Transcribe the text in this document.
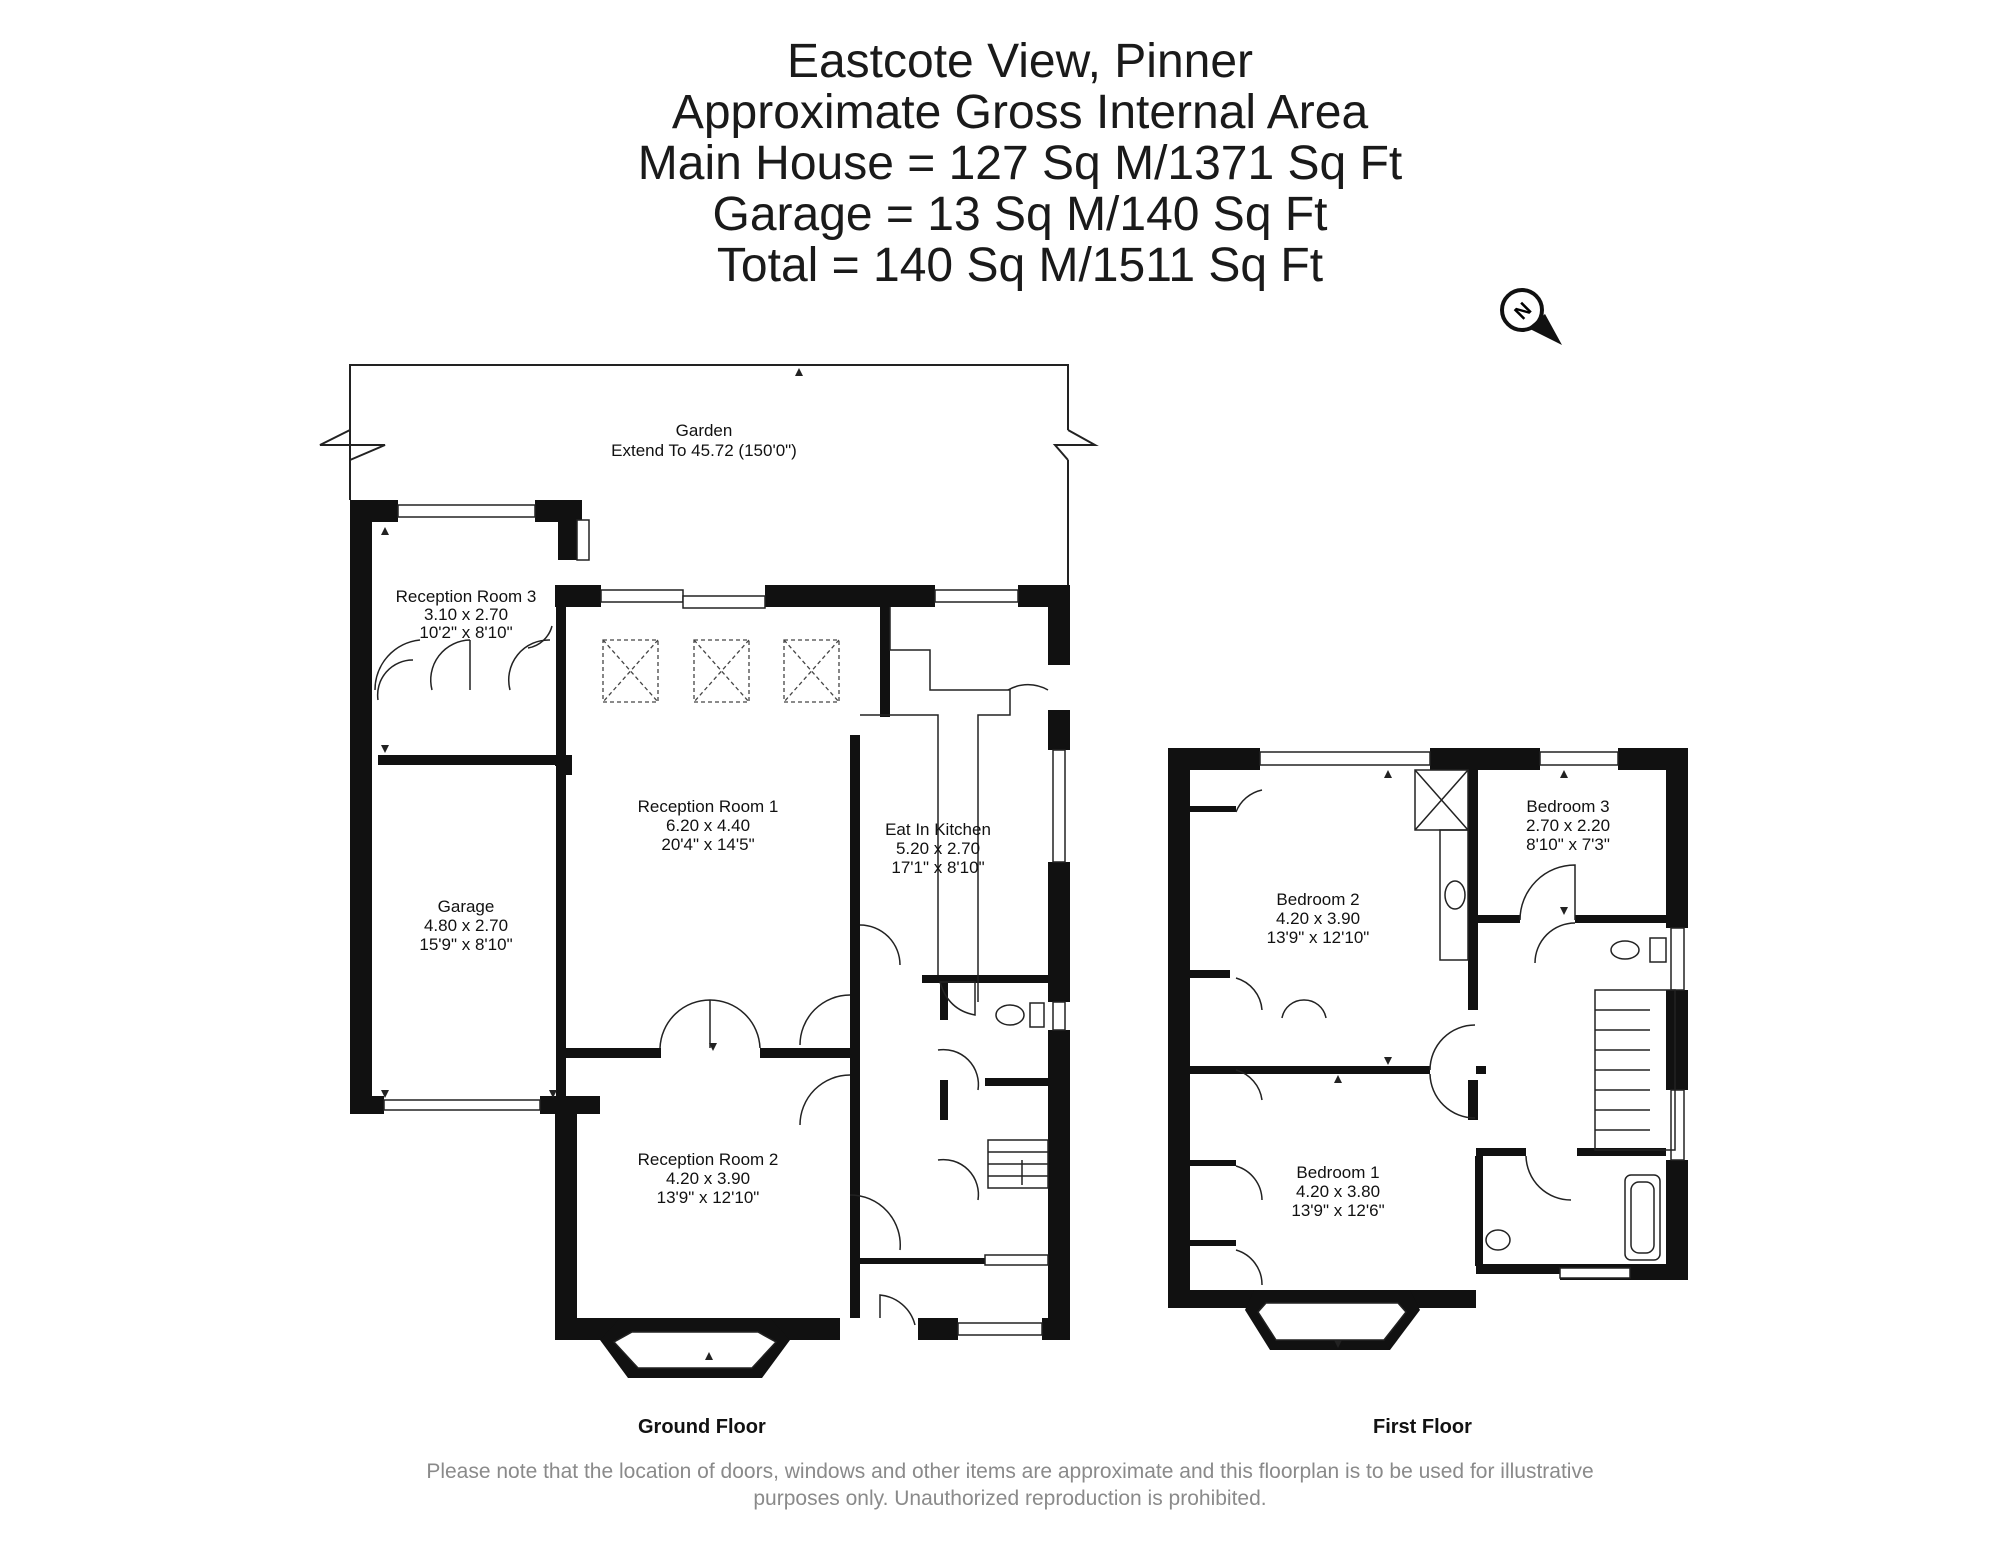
Eastcote View, Pinner
Approximate Gross Internal Area
Main House = 127 Sq M/1371 Sq Ft
Garage = 13 Sq M/140 Sq Ft
Total = 140 Sq M/1511 Sq Ft
N
Garden
Extend To 45.72 (150'0")
Reception Room 3
3.10 x 2.70
10'2" x 8'10"
Garage
4.80 x 2.70
15'9" x 8'10"
Reception Room 1
6.20 x 4.40
20'4" x 14'5"
Eat In Kitchen
5.20 x 2.70
17'1" x 8'10"
Reception Room 2
4.20 x 3.90
13'9" x 12'10"
Bedroom 2
4.20 x 3.90
13'9" x 12'10"
Bedroom 3
2.70 x 2.20
8'10" x 7'3"
Bedroom 1
4.20 x 3.80
13'9" x 12'6"
Ground Floor	First Floor
Please note that the location of doors, windows and other items are approximate and this floorplan is to be used for illustrative
purposes only. Unauthorized reproduction is prohibited.
